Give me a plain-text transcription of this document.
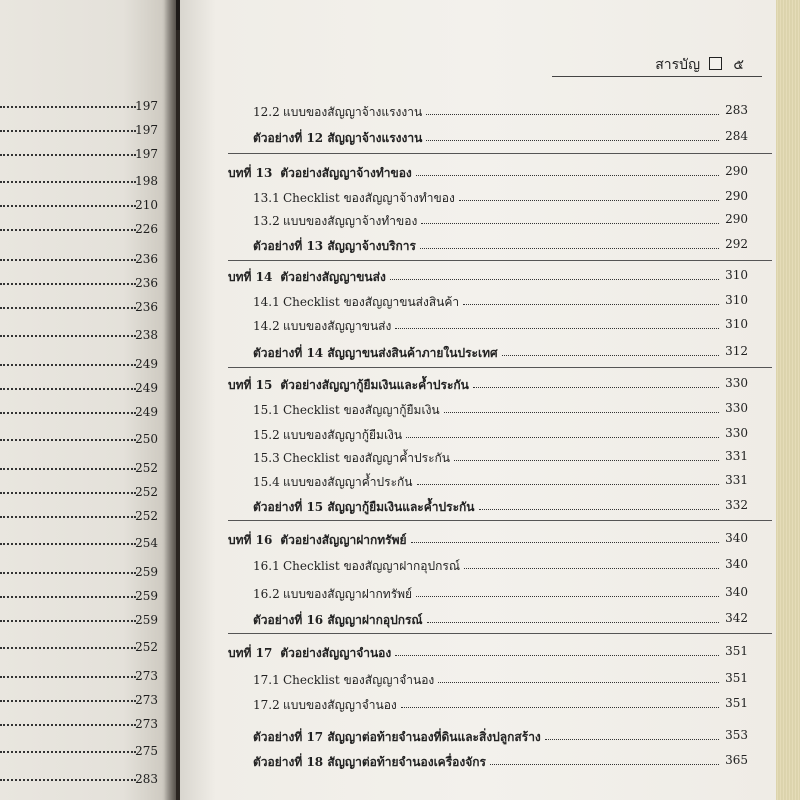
197
197
197
198
210
226
236
236
236
238
249
249
249
250
252
252
252
254
259
259
259
252
273
273
273
275
283
สารบัญ ๕
12.2 แบบของสัญญาจ้างแรงงาน	283
ตัวอย่างที่ 12 สัญญาจ้างแรงงาน	284
บทที่ 13 ตัวอย่างสัญญาจ้างทำของ	290
13.1 Checklist ของสัญญาจ้างทำของ	290
13.2 แบบของสัญญาจ้างทำของ	290
ตัวอย่างที่ 13 สัญญาจ้างบริการ	292
บทที่ 14 ตัวอย่างสัญญาขนส่ง	310
14.1 Checklist ของสัญญาขนส่งสินค้า	310
14.2 แบบของสัญญาขนส่ง	310
ตัวอย่างที่ 14 สัญญาขนส่งสินค้าภายในประเทศ	312
บทที่ 15 ตัวอย่างสัญญากู้ยืมเงินและค้ำประกัน	330
15.1 Checklist ของสัญญากู้ยืมเงิน	330
15.2 แบบของสัญญากู้ยืมเงิน	330
15.3 Checklist ของสัญญาค้ำประกัน	331
15.4 แบบของสัญญาค้ำประกัน	331
ตัวอย่างที่ 15 สัญญากู้ยืมเงินและค้ำประกัน	332
บทที่ 16 ตัวอย่างสัญญาฝากทรัพย์	340
16.1 Checklist ของสัญญาฝากอุปกรณ์	340
16.2 แบบของสัญญาฝากทรัพย์	340
ตัวอย่างที่ 16 สัญญาฝากอุปกรณ์	342
บทที่ 17 ตัวอย่างสัญญาจำนอง	351
17.1 Checklist ของสัญญาจำนอง	351
17.2 แบบของสัญญาจำนอง	351
ตัวอย่างที่ 17 สัญญาต่อท้ายจำนองที่ดินและสิ่งปลูกสร้าง	353
ตัวอย่างที่ 18 สัญญาต่อท้ายจำนองเครื่องจักร	365
